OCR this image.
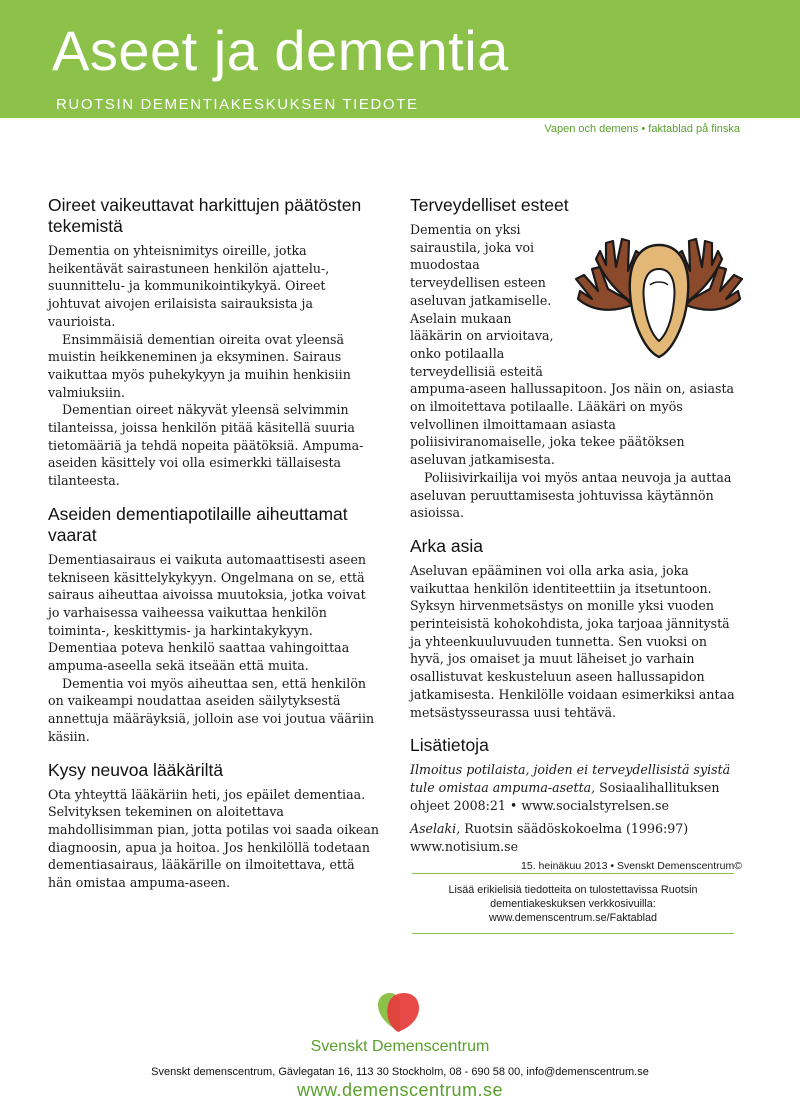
Aseet ja dementia
RUOTSIN DEMENTIAKESKUKSEN TIEDOTE
Vapen och demens • faktablad på finska
Oireet vaikeuttavat harkittujen päätösten tekemistä

Dementia on yhteisnimitys oireille, jotka heikentävät sairastuneen henkilön ajattelu-, suunnittelu- ja kommunikointikykyä. Oireet johtuvat aivojen erilaisista sairauksista ja vaurioista.

Ensimmäisiä dementian oireita ovat yleensä muistin heikkeneminen ja eksyminen. Sairaus vaikuttaa myös puhekykyyn ja muihin henkisiin valmiuksiin.

Dementian oireet näkyvät yleensä selvimmin tilanteissa, joissa henkilön pitää käsitellä suuria tietomääriä ja tehdä nopeita päätöksiä. Ampuma-aseiden käsittely voi olla esimerkki tällaisesta tilanteesta.

Aseiden dementiapotilaille aiheuttamat vaarat

Dementiasairaus ei vaikuta automaattisesti aseen tekniseen käsittelykykyyn. Ongelmana on se, että sairaus aiheuttaa aivoissa muutoksia, jotka voivat jo varhaisessa vaiheessa vaikuttaa henkilön toiminta-, keskittymis- ja harkintakykyyn. Dementiaa poteva henkilö saattaa vahingoittaa ampuma-aseella sekä itseään että muita.

Dementia voi myös aiheuttaa sen, että henkilön on vaikeampi noudattaa aseiden säilytyksestä annettuja määräyksiä, jolloin ase voi joutua vääriin käsiin.

Kysy neuvoa lääkäriltä

Ota yhteyttä lääkäriin heti, jos epäilet dementiaa. Selvityksen tekeminen on aloitettava mahdollisimman pian, jotta potilas voi saada oikean diagnoosin, apua ja hoitoa. Jos henkilöllä todetaan dementiasairaus, lääkärille on ilmoitettava, että hän omistaa ampuma-aseen.

Terveydelliset esteet

Dementia on yksi sairaustila, joka voi muodostaa terveydellisen esteen aseluvan jatkamiselle. Aselain mukaan lääkärin on arvioitava, onko potilaalla terveydellisiä esteitä ampuma-aseen hallussapitoon. Jos näin on, asiasta on ilmoitettava potilaalle. Lääkäri on myös velvollinen ilmoittamaan asiasta poliisiviranomaiselle, joka tekee päätöksen aseluvan jatkamisesta.

Poliisivirkailija voi myös antaa neuvoja ja auttaa aseluvan peruuttamisesta johtuvissa käytännön asioissa.

Arka asia

Aseluvan epääminen voi olla arka asia, joka vaikuttaa henkilön identiteettiin ja itsetuntoon. Syksyn hirvenmetsästys on monille yksi vuoden perinteisistä kohokohdista, joka tarjoaa jännitystä ja yhteenkuuluvuuden tunnetta. Sen vuoksi on hyvä, jos omaiset ja muut läheiset jo varhain osallistuvat keskusteluun aseen hallussapidon jatkamisesta. Henkilölle voidaan esimerkiksi antaa metsästysseurassa uusi tehtävä.

Lisätietoja

Ilmoitus potilaista, joiden ei terveydellisistä syistä tule omistaa ampuma-asetta, Sosiaalihallituksen ohjeet 2008:21 • www.socialstyrelsen.se

Aselaki, Ruotsin säädöskokoelma (1996:97) www.notisium.se

15. heinäkuu 2013 • Svenskt Demenscentrum©
Lisää erikielisiä tiedotteita on tulostettavissa Ruotsin
dementiakeskuksen verkkosivuilla:
www.demenscentrum.se/Faktablad
Svenskt Demenscentrum
Svenskt demenscentrum, Gävlegatan 16, 113 30 Stockholm, 08 - 690 58 00, info@demenscentrum.se
www.demenscentrum.se
